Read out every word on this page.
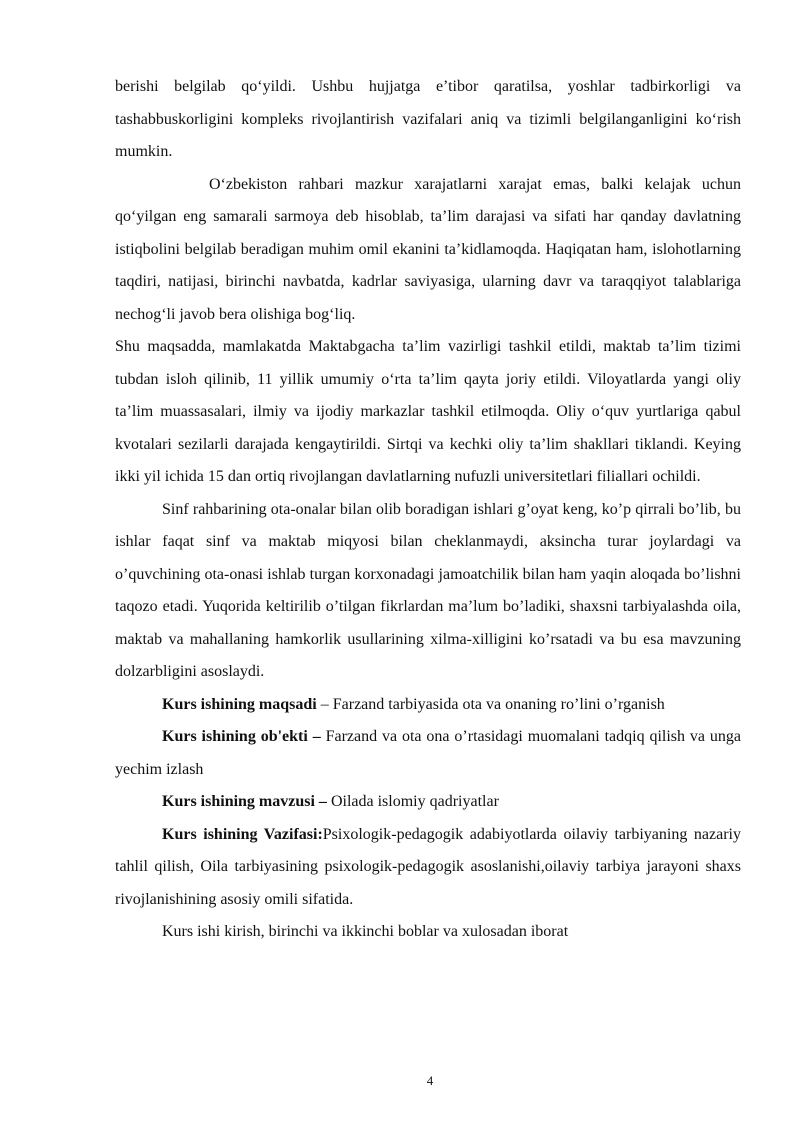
berishi belgilab qo‘yildi. Ushbu hujjatga e’tibor qaratilsa, yoshlar tadbirkorligi va tashabbuskorligini kompleks rivojlantirish vazifalari aniq va tizimli belgilanganligini ko‘rish mumkin.

O‘zbekiston rahbari mazkur xarajatlarni xarajat emas, balki kelajak uchun qo‘yilgan eng samarali sarmoya deb hisoblab, ta’lim darajasi va sifati har qanday davlatning istiqbolini belgilab beradigan muhim omil ekanini ta’kidlamoqda. Haqiqatan ham, islohotlarning taqdiri, natijasi, birinchi navbatda, kadrlar saviyasiga, ularning davr va taraqqiyot talablariga nechog‘li javob bera olishiga bog‘liq.

Shu maqsadda, mamlakatda Maktabgacha ta’lim vazirligi tashkil etildi, maktab ta’lim tizimi tubdan isloh qilinib, 11 yillik umumiy o‘rta ta’lim qayta joriy etildi. Viloyatlarda yangi oliy ta’lim muassasalari, ilmiy va ijodiy markazlar tashkil etilmoqda. Oliy o‘quv yurtlariga qabul kvotalari sezilarli darajada kengaytirildi. Sirtqi va kechki oliy ta’lim shakllari tiklandi. Keying ikki yil ichida 15 dan ortiq rivojlangan davlatlarning nufuzli universitetlari filiallari ochildi.

Sinf rahbarining ota-onalar bilan olib boradigan ishlari g’oyat keng, ko’p qirrali bo’lib, bu ishlar faqat sinf va maktab miqyosi bilan cheklanmaydi, aksincha turar joylardagi va o’quvchining ota-onasi ishlab turgan korxonadagi jamoatchilik bilan ham yaqin aloqada bo’lishni taqozo etadi. Yuqorida keltirilib o’tilgan fikrlardan ma’lum bo’ladiki, shaxsni tarbiyalashda oila, maktab va mahallaning hamkorlik usullarining xilma-xilligini ko’rsatadi va bu esa mavzuning dolzarbligini asoslaydi.

Kurs ishining maqsadi – Farzand tarbiyasida ota va onaning ro’lini o’rganish

Kurs ishining ob'ekti – Farzand va ota ona o’rtasidagi muomalani tadqiq qilish va unga yechim izlash

Kurs ishining mavzusi – Oilada islomiy qadriyatlar

Kurs ishining Vazifasi:Psixologik-pedagogik adabiyotlarda oilaviy tarbiyaning nazariy tahlil qilish, Oila tarbiyasining psixologik-pedagogik asoslanishi,oilaviy tarbiya jarayoni shaxs rivojlanishining asosiy omili sifatida.

Kurs ishi kirish, birinchi va ikkinchi boblar va xulosadan iborat

4
